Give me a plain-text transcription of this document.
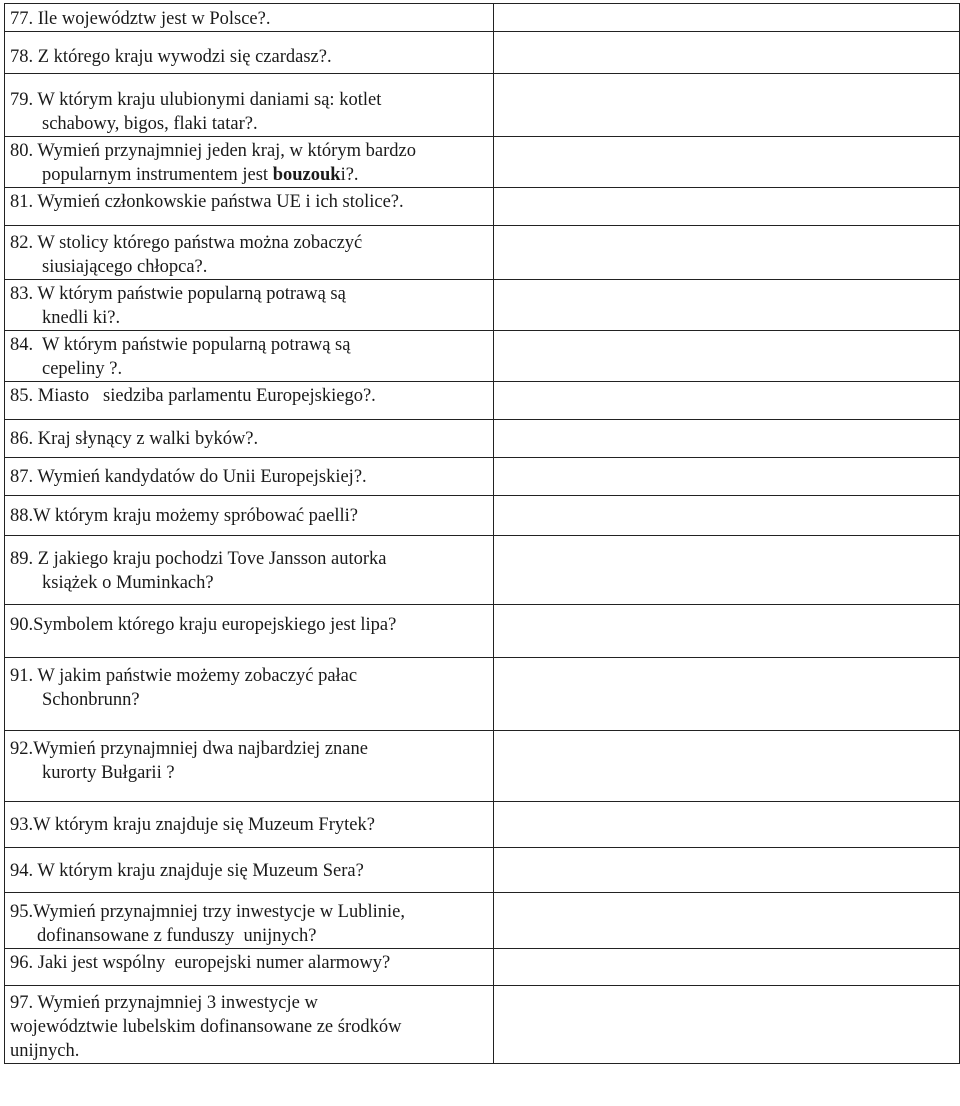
77. Ile województw jest w Polsce?.	

78. Z którego kraju wywodzi się czardasz?.	

79. W którym kraju ulubionymi daniami są: kotlet
schabowy, bigos, flaki tatar?.	

80. Wymień przynajmniej jeden kraj, w którym bardzo
popularnym instrumentem jest bouzouki?.	

81. Wymień członkowskie państwa UE i ich stolice?.	

82. W stolicy którego państwa można zobaczyć
siusiającego chłopca?.	

83. W którym państwie popularną potrawą są
knedli ki?.	

84.  W którym państwie popularną potrawą są
cepeliny ?.	

85. Miasto   siedziba parlamentu Europejskiego?.	

86. Kraj słynący z walki byków?.	

87. Wymień kandydatów do Unii Europejskiej?.	

88.W którym kraju możemy spróbować paelli?	

89. Z jakiego kraju pochodzi Tove Jansson autorka
książek o Muminkach?	

90.Symbolem którego kraju europejskiego jest lipa?	

91. W jakim państwie możemy zobaczyć pałac
Schonbrunn?	

92.Wymień przynajmniej dwa najbardziej znane
kurorty Bułgarii ?	

93.W którym kraju znajduje się Muzeum Frytek?	

94. W którym kraju znajduje się Muzeum Sera?	

95.Wymień przynajmniej trzy inwestycje w Lublinie,
dofinansowane z funduszy  unijnych?	

96. Jaki jest wspólny  europejski numer alarmowy?	

97. Wymień przynajmniej 3 inwestycje w
województwie lubelskim dofinansowane ze środków
unijnych.	
